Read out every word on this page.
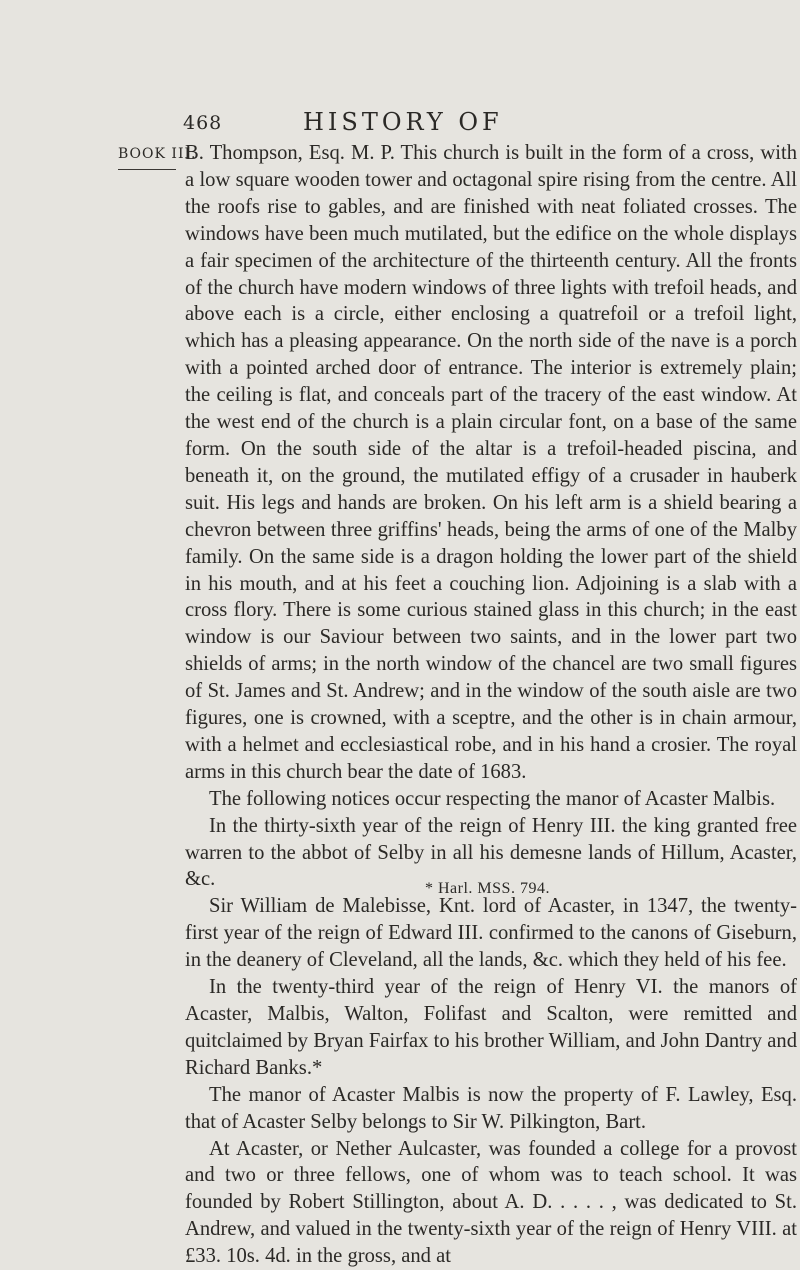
468	HISTORY OF
BOOK III.

B. Thompson, Esq. M. P. This church is built in the form of a cross, with a low square wooden tower and octagonal spire rising from the centre. All the roofs rise to gables, and are finished with neat foliated crosses. The windows have been much mutilated, but the edifice on the whole displays a fair specimen of the architecture of the thirteenth century. All the fronts of the church have modern windows of three lights with trefoil heads, and above each is a circle, either enclosing a quatrefoil or a trefoil light, which has a pleasing appearance. On the north side of the nave is a porch with a pointed arched door of entrance. The interior is extremely plain; the ceiling is flat, and conceals part of the tracery of the east window. At the west end of the church is a plain circular font, on a base of the same form. On the south side of the altar is a trefoil-headed piscina, and beneath it, on the ground, the mutilated effigy of a crusader in hauberk suit. His legs and hands are broken. On his left arm is a shield bearing a chevron between three griffins' heads, being the arms of one of the Malby family. On the same side is a dragon holding the lower part of the shield in his mouth, and at his feet a couching lion. Adjoining is a slab with a cross flory. There is some curious stained glass in this church; in the east window is our Saviour between two saints, and in the lower part two shields of arms; in the north window of the chancel are two small figures of St. James and St. Andrew; and in the window of the south aisle are two figures, one is crowned, with a sceptre, and the other is in chain armour, with a helmet and ecclesiastical robe, and in his hand a crosier. The royal arms in this church bear the date of 1683.

The following notices occur respecting the manor of Acaster Malbis.

In the thirty-sixth year of the reign of Henry III. the king granted free warren to the abbot of Selby in all his demesne lands of Hillum, Acaster, &c.

Sir William de Malebisse, Knt. lord of Acaster, in 1347, the twenty-first year of the reign of Edward III. confirmed to the canons of Giseburn, in the deanery of Cleveland, all the lands, &c. which they held of his fee.

In the twenty-third year of the reign of Henry VI. the manors of Acaster, Malbis, Walton, Folifast and Scalton, were remitted and quitclaimed by Bryan Fairfax to his brother William, and John Dantry and Richard Banks.*

The manor of Acaster Malbis is now the property of F. Lawley, Esq. that of Acaster Selby belongs to Sir W. Pilkington, Bart.

At Acaster, or Nether Aulcaster, was founded a college for a provost and two or three fellows, one of whom was to teach school. It was founded by Robert Stillington, about A. D. . . . . , was dedicated to St. Andrew, and valued in the twenty-sixth year of the reign of Henry VIII. at £33. 10s. 4d. in the gross, and at

* Harl. MSS. 794.
